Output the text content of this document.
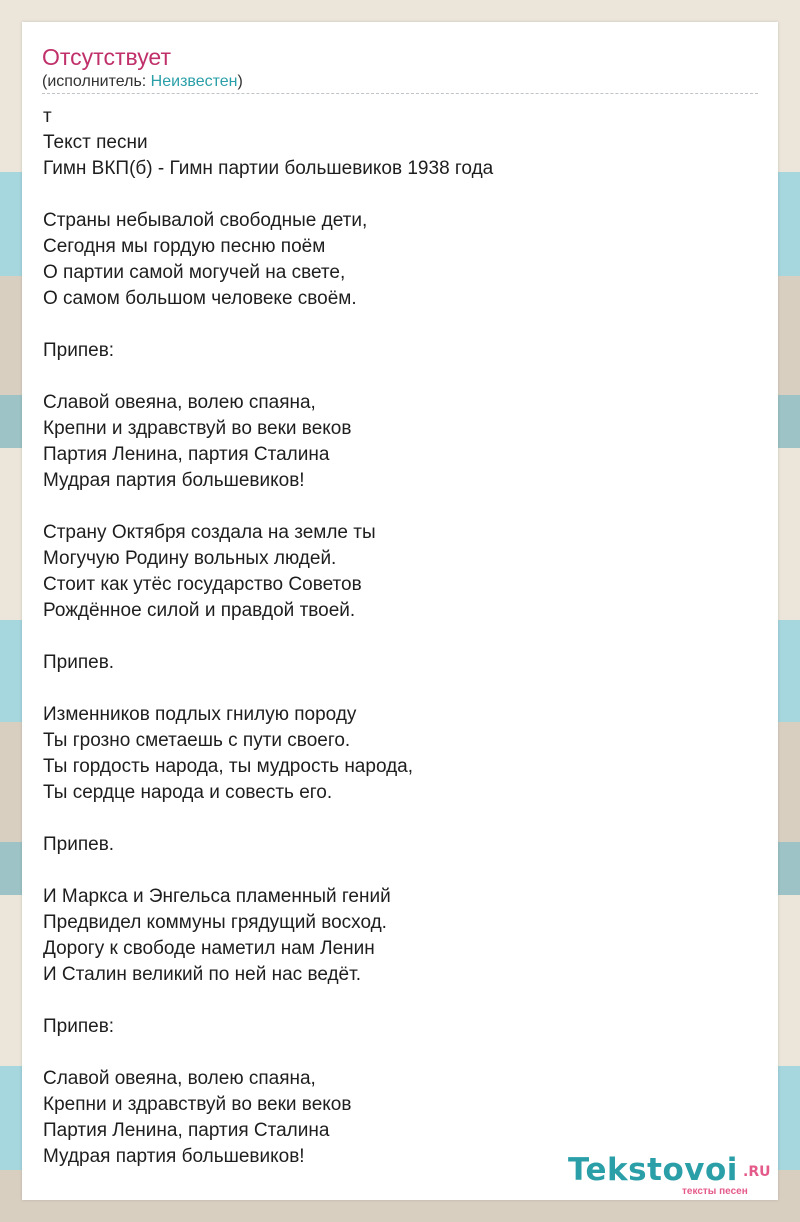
Отсутствует
(исполнитель: Неизвестен)
т
Текст песни
Гимн ВКП(б) - Гимн партии большевиков 1938 года
Страны небывалой свободные дети,
Сегодня мы гордую песню поём
О партии самой могучей на свете,
О самом большом человеке своём.
Припев:
Славой овеяна, волею спаяна,
Крепни и здравствуй во веки веков
Партия Ленина, партия Сталина
Мудрая партия большевиков!
Страну Октября создала на земле ты
Могучую Родину вольных людей.
Стоит как утёс государство Советов
Рождённое силой и правдой твоей.
Припев.
Изменников подлых гнилую породу
Ты грозно сметаешь с пути своего.
Ты гордость народа, ты мудрость народа,
Ты сердце народа и совесть его.
Припев.
И Маркса и Энгельса пламенный гений
Предвидел коммуны грядущий восход.
Дорогу к свободе наметил нам Ленин
И Сталин великий по ней нас ведёт.
Припев:
Славой овеяна, волею спаяна,
Крепни и здравствуй во веки веков
Партия Ленина, партия Сталина
Мудрая партия большевиков!	Tekstovoi .RU
тексты песен
